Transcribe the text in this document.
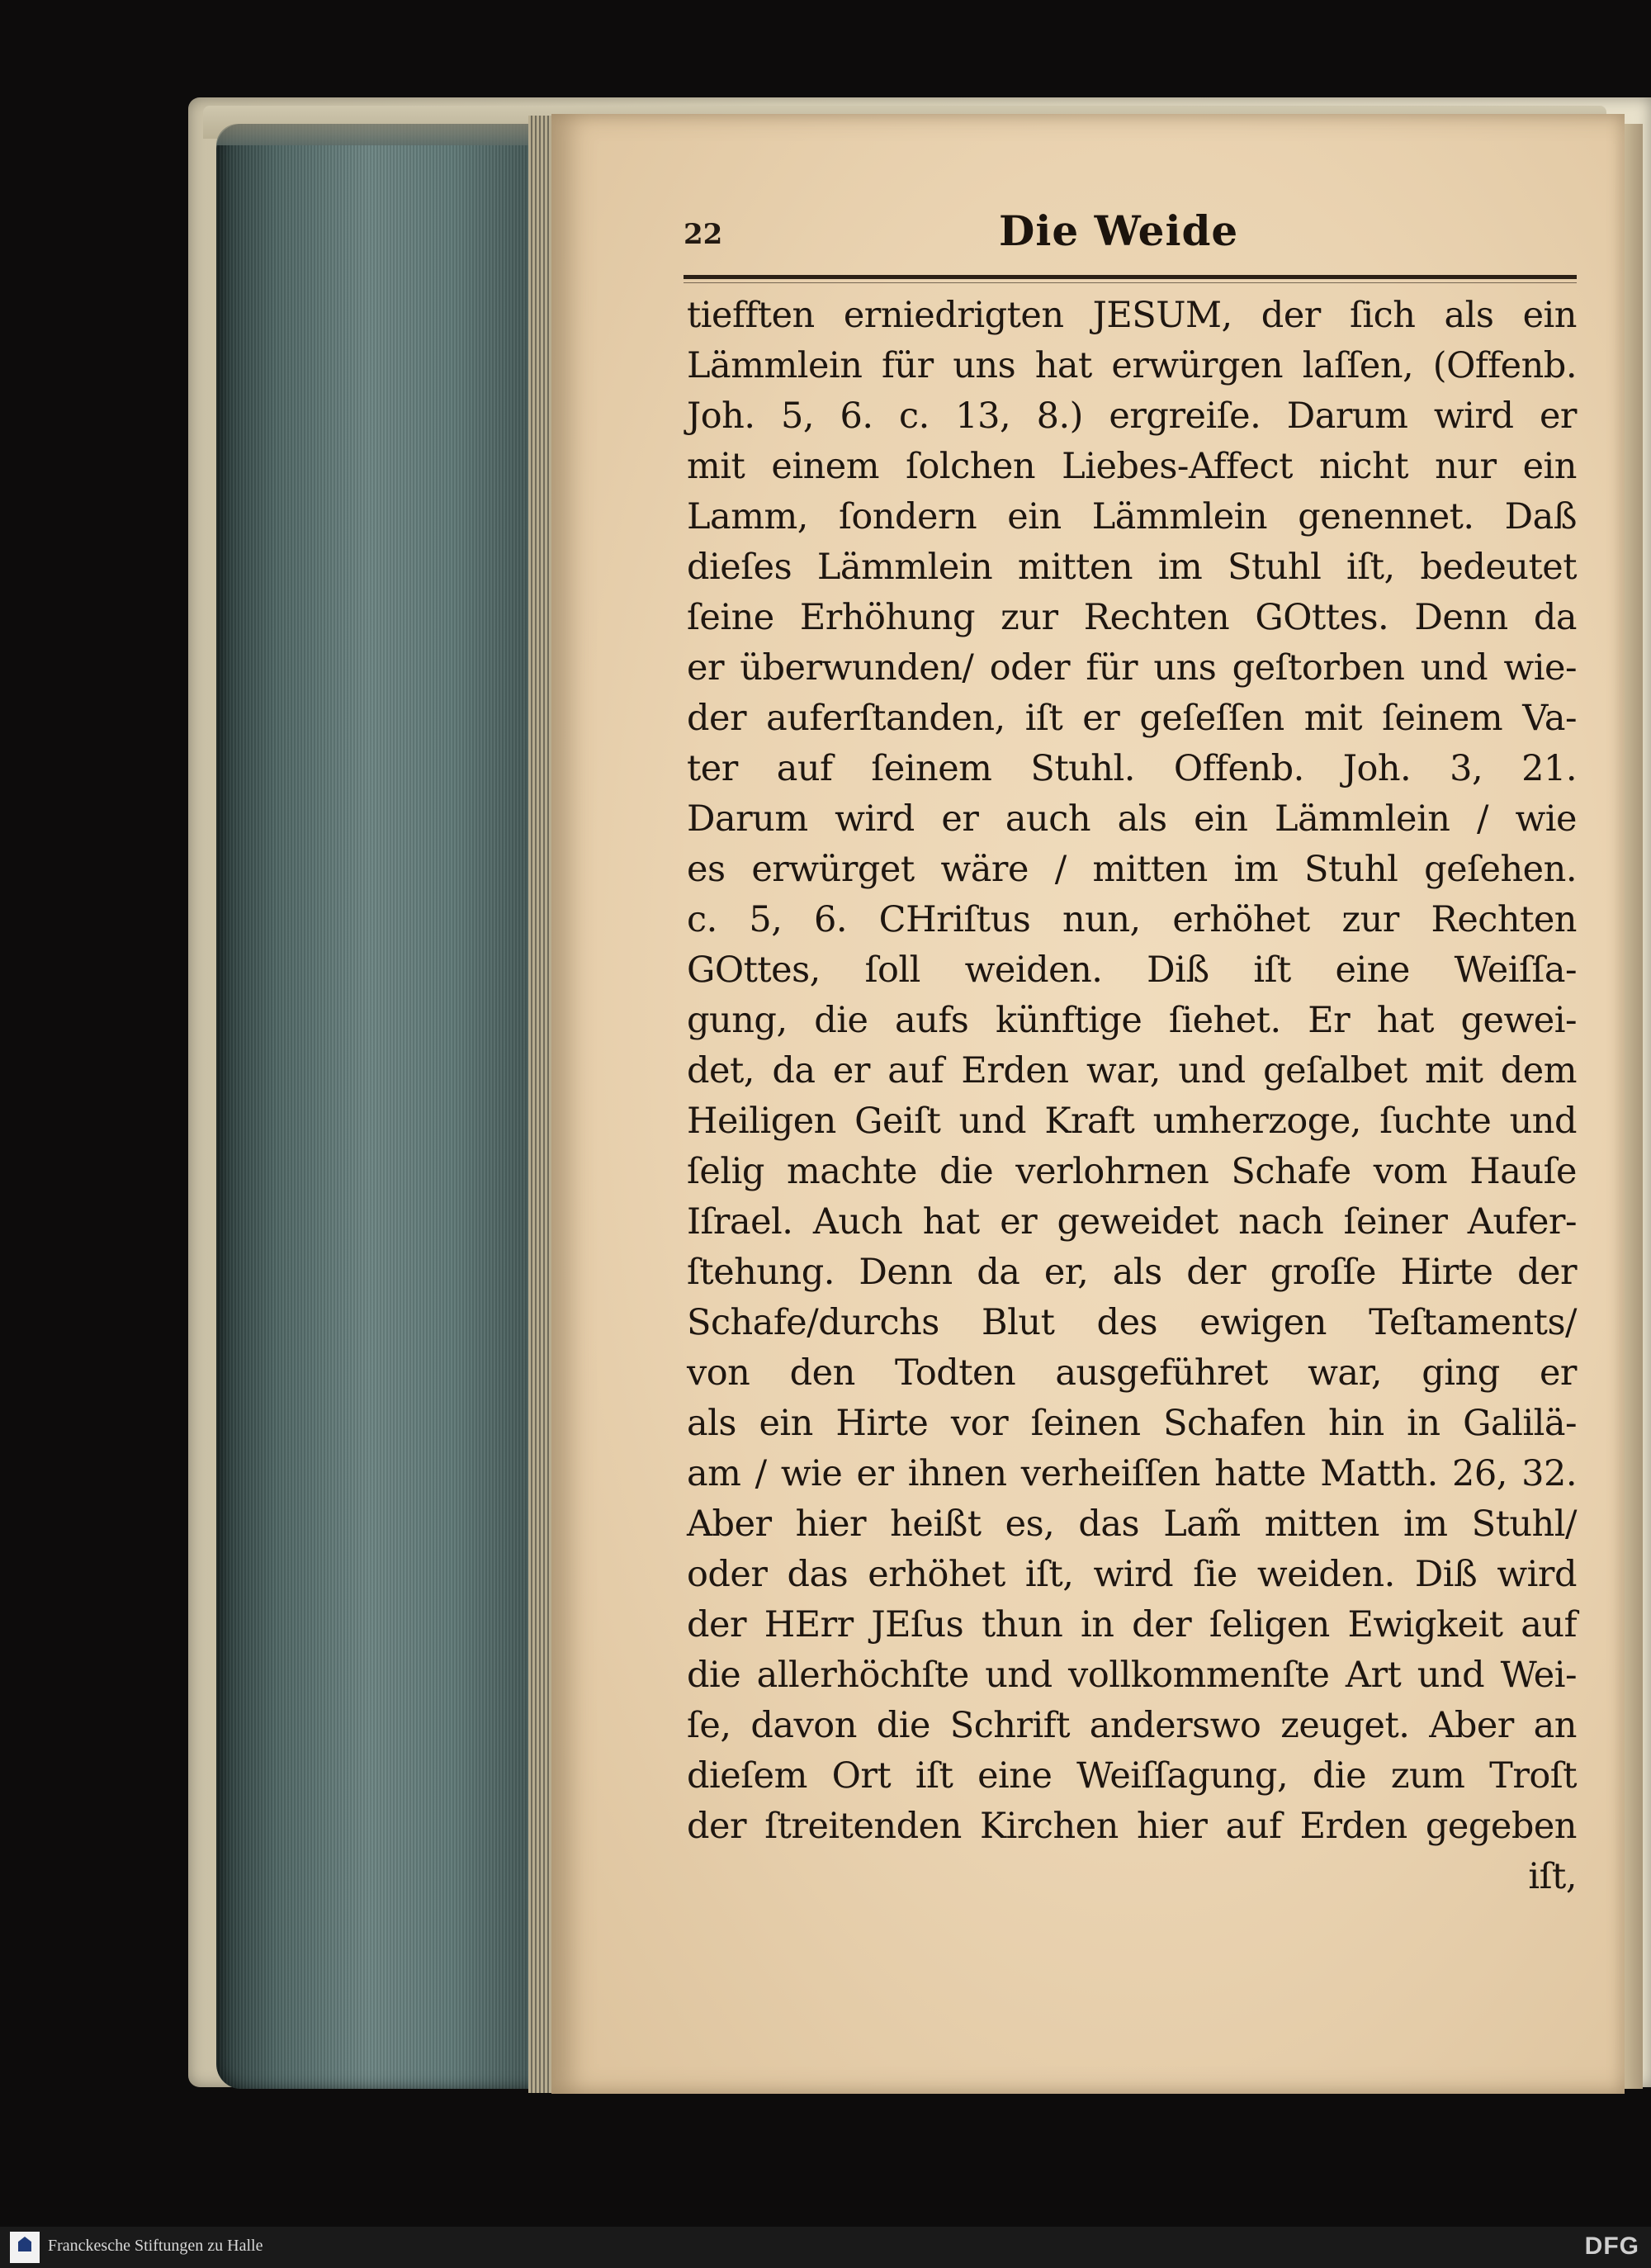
22	Die Weide
tiefften erniedrigten JESUM, der ſich als ein
Lämmlein für uns hat erwürgen laſſen, (Offenb.
Joh. 5, 6. c. 13, 8.) ergreiſe. Darum wird er
mit einem ſolchen Liebes-Affect nicht nur ein
Lamm, ſondern ein Lämmlein genennet. Daß
dieſes Lämmlein mitten im Stuhl iſt, bedeutet
ſeine Erhöhung zur Rechten GOttes. Denn da
er überwunden/ oder für uns geſtorben und wie-
der auferſtanden, iſt er geſeſſen mit ſeinem Va-
ter auf ſeinem Stuhl. Offenb. Joh. 3, 21.
Darum wird er auch als ein Lämmlein / wie
es erwürget wäre / mitten im Stuhl geſehen.
c. 5, 6. CHriſtus nun, erhöhet zur Rechten
GOttes, ſoll weiden. Diß iſt eine Weiſſa-
gung, die aufs künftige ſiehet. Er hat gewei-
det, da er auf Erden war, und geſalbet mit dem
Heiligen Geiſt und Kraft umherzoge, ſuchte und
ſelig machte die verlohrnen Schafe vom Hauſe
Iſrael. Auch hat er geweidet nach ſeiner Aufer-
ſtehung. Denn da er, als der groſſe Hirte der
Schafe/durchs Blut des ewigen Teſtaments/
von den Todten ausgeführet war, ging er
als ein Hirte vor ſeinen Schafen hin in Galilä-
am / wie er ihnen verheiſſen hatte Matth. 26, 32.
Aber hier heißt es, das Lam̃ mitten im Stuhl/
oder das erhöhet iſt, wird ſie weiden. Diß wird
der HErr JEſus thun in der ſeligen Ewigkeit auf
die allerhöchſte und vollkommenſte Art und Wei-
ſe, davon die Schrift anderswo zeuget. Aber an
dieſem Ort iſt eine Weiſſagung, die zum Troſt
der ſtreitenden Kirchen hier auf Erden gegeben
iſt,
Franckesche Stiftungen zu Halle	DFG
